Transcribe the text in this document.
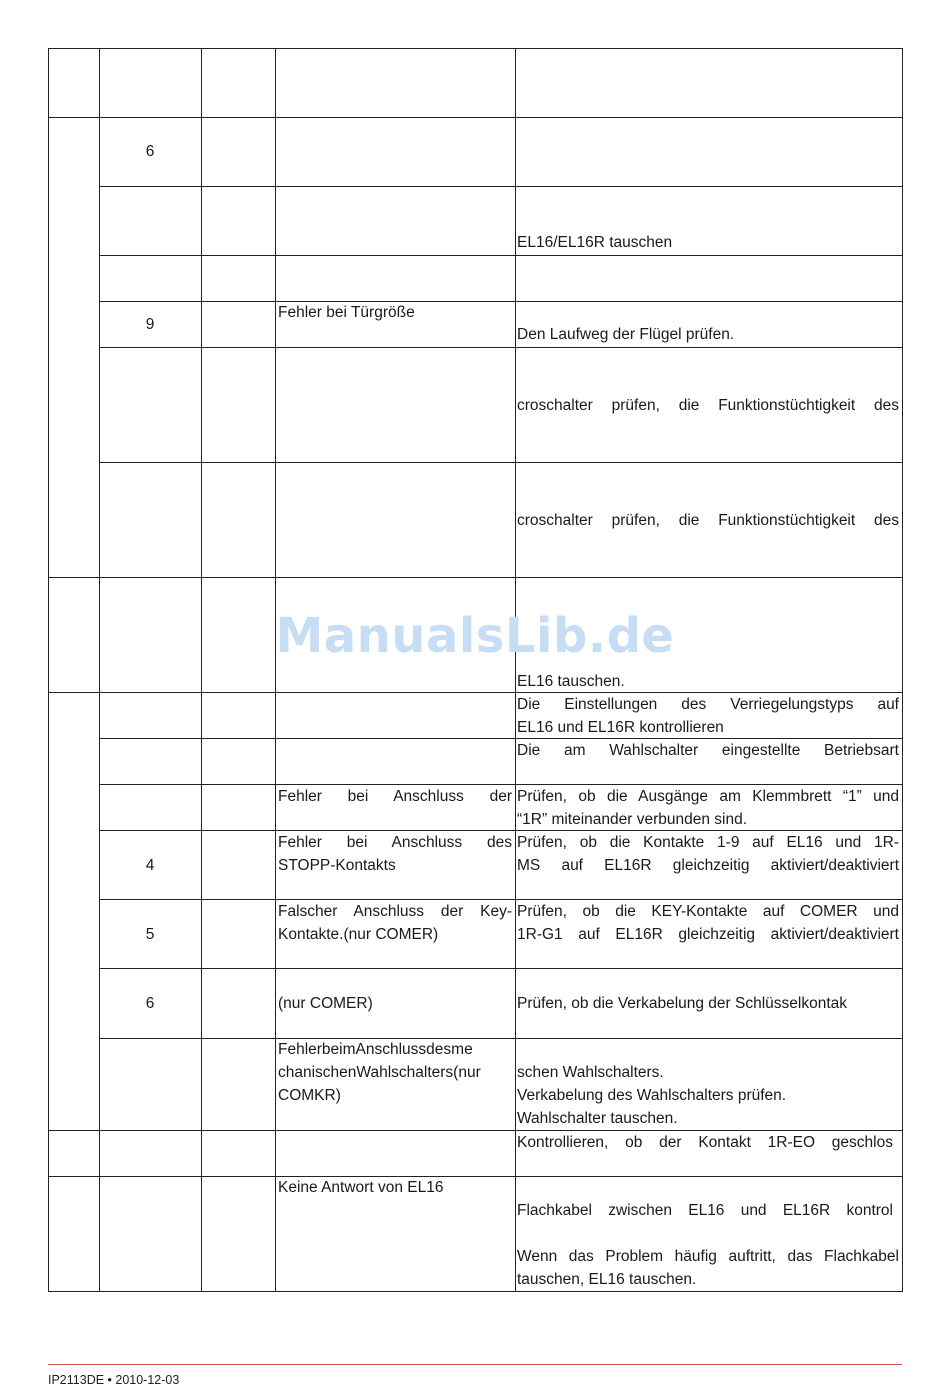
6
EL16/EL16R tauschen
9
Fehler bei Türgröße
Den Laufweg der Flügel prüfen.
croschalter prüfen, die Funktionstüchtigkeit des
croschalter prüfen, die Funktionstüchtigkeit des
EL16 tauschen.
Die Einstellungen des Verriegelungstyps auf
EL16 und EL16R kontrollieren
Die am Wahlschalter eingestellte Betriebsart
Fehler bei Anschluss der Prüfen, ob die Ausgänge am Klemmbrett “1” und
“1R” miteinander verbunden sind.
4
Fehler bei Anschluss des
STOPP-Kontakts
Prüfen, ob die Kontakte 1-9 auf EL16 und 1R-
MS auf EL16R gleichzeitig aktiviert/deaktiviert
5
Falscher Anschluss der Key-
Kontakte.(nur COMER)
Prüfen, ob die KEY-Kontakte auf COMER und
1R-G1 auf EL16R gleichzeitig aktiviert/deaktiviert
6	(nur COMER)	Prüfen, ob die Verkabelung der Schlüsselkontak
FehlerbeimAnschlussdesme
chanischenWahlschalters(nur
COMKR)
schen Wahlschalters.
Verkabelung des Wahlschalters prüfen.
Wahlschalter tauschen.
Kontrollieren, ob der Kontakt 1R-EO geschlos
Keine Antwort von EL16
Flachkabel zwischen EL16 und EL16R kontrol
Wenn das Problem häufig auftritt, das Flachkabel
tauschen, EL16 tauschen.
ManualsLib.de
IP2113DE • 2010-12-03
